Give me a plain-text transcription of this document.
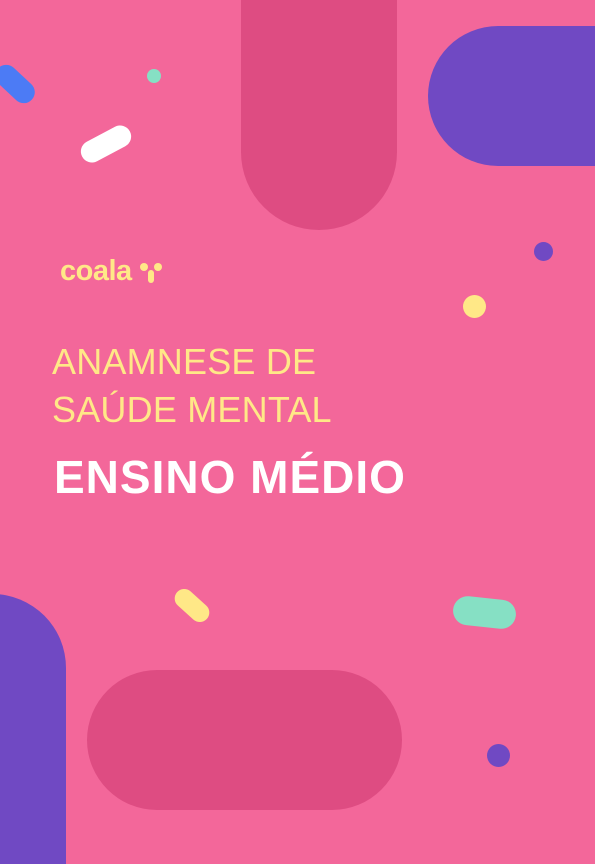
coala
ANAMNESE DE
SAÚDE MENTAL
ENSINO MÉDIO
